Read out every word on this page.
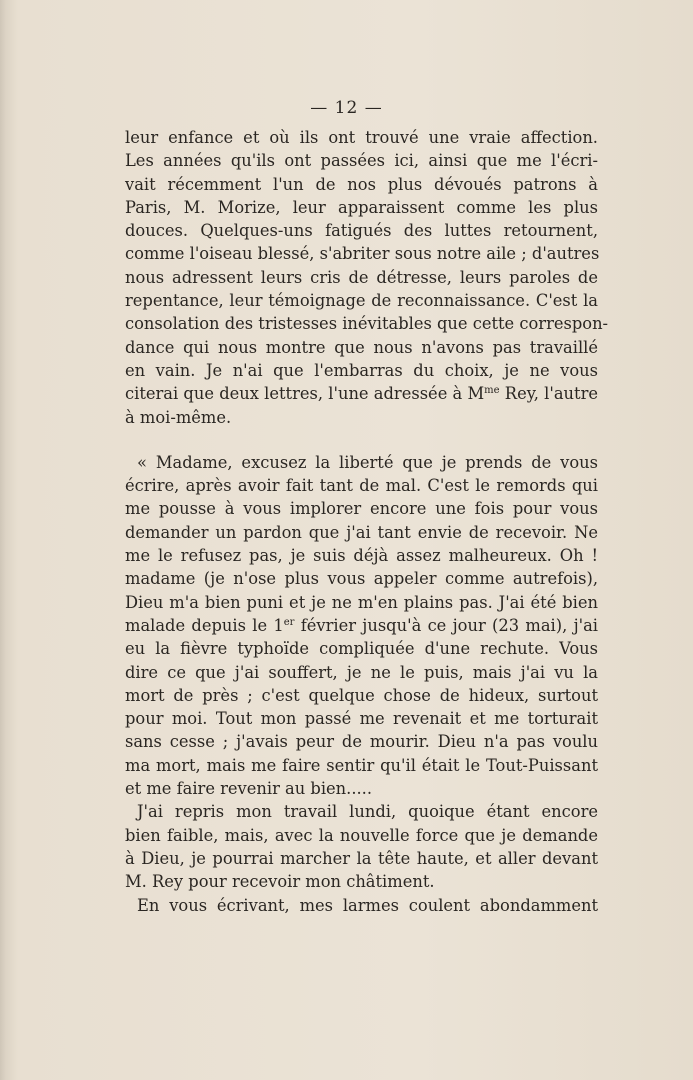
— 12 —
leur enfance et où ils ont trouvé une vraie affection.
Les années qu'ils ont passées ici, ainsi que me l'écri-
vait récemment l'un de nos plus dévoués patrons à
Paris, M. Morize, leur apparaissent comme les plus
douces. Quelques-uns fatigués des luttes retournent,
comme l'oiseau blessé, s'abriter sous notre aile ; d'autres
nous adressent leurs cris de détresse, leurs paroles de
repentance, leur témoignage de reconnaissance. C'est la
consolation des tristesses inévitables que cette correspon-
dance qui nous montre que nous n'avons pas travaillé
en vain. Je n'ai que l'embarras du choix, je ne vous
citerai que deux lettres, l'une adressée à $M^{me}$ Rey, l'autre
à moi-même.
« Madame, excusez la liberté que je prends de vous
écrire, après avoir fait tant de mal. C'est le remords qui
me pousse à vous implorer encore une fois pour vous
demander un pardon que j'ai tant envie de recevoir. Ne
me le refusez pas, je suis déjà assez malheureux. Oh !
madame (je n'ose plus vous appeler comme autrefois),
Dieu m'a bien puni et je ne m'en plains pas. J'ai été bien
malade depuis le 1er février jusqu'à ce jour (23 mai), j'ai
eu la fièvre typhoïde compliquée d'une rechute. Vous
dire ce que j'ai souffert, je ne le puis, mais j'ai vu la
mort de près ; c'est quelque chose de hideux, surtout
pour moi. Tout mon passé me revenait et me torturait
sans cesse ; j'avais peur de mourir. Dieu n'a pas voulu
ma mort, mais me faire sentir qu'il était le Tout-Puissant
et me faire revenir au bien.....
J'ai repris mon travail lundi, quoique étant encore
bien faible, mais, avec la nouvelle force que je demande
à Dieu, je pourrai marcher la tête haute, et aller devant
M. Rey pour recevoir mon châtiment.
En vous écrivant, mes larmes coulent abondamment
